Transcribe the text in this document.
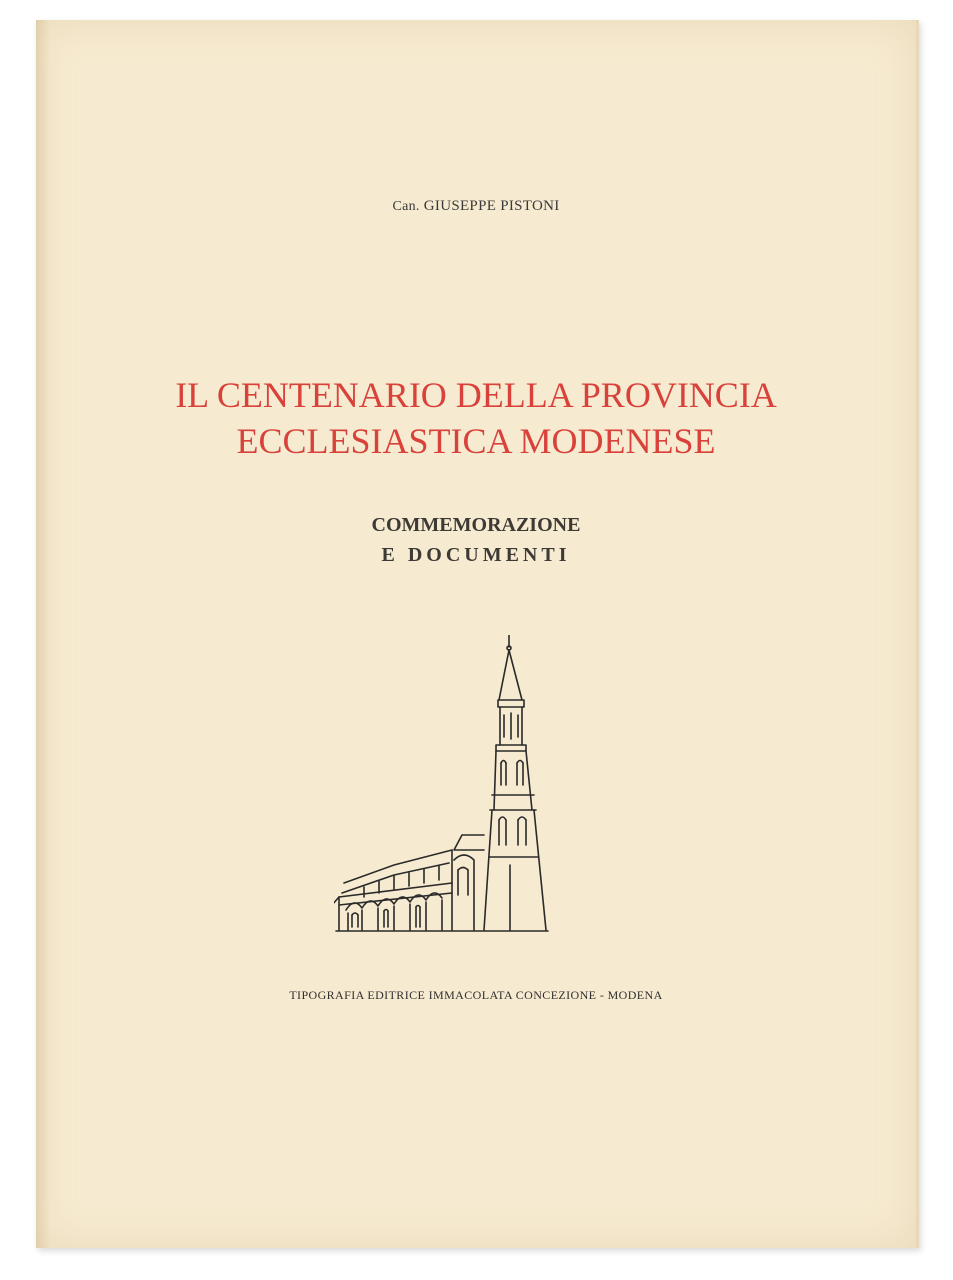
Can. GIUSEPPE PISTONI
IL CENTENARIO DELLA PROVINCIA
ECCLESIASTICA MODENESE
COMMEMORAZIONE
E DOCUMENTI
TIPOGRAFIA EDITRICE IMMACOLATA CONCEZIONE - MODENA
